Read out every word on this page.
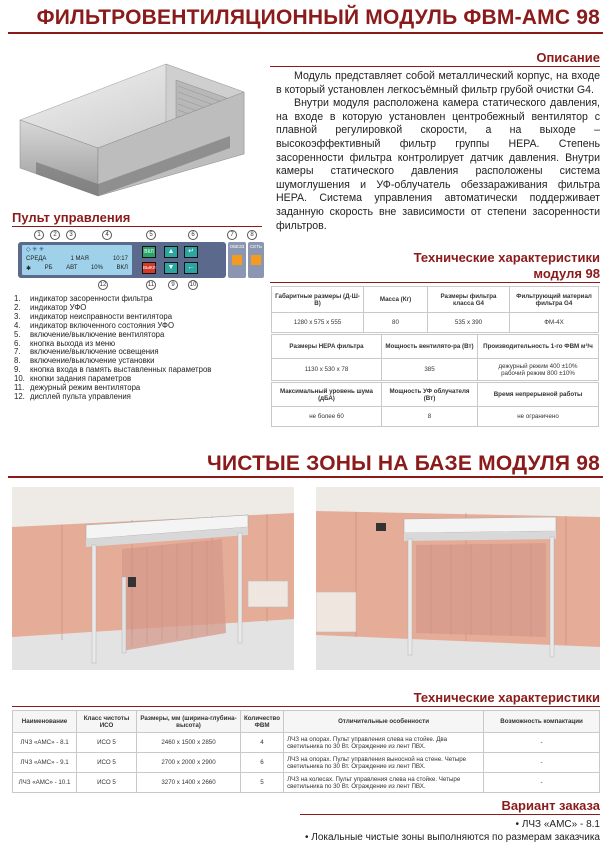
ФИЛЬТРОВЕНТИЛЯЦИОННЫЙ МОДУЛЬ ФВМ-АМС 98
Описание

Модуль представляет собой металлический корпус, на входе в который установлен легкосъёмный фильтр грубой очистки G4.

Внутри модуля расположена камера статического давления, на входе в которую установлен центробежный вентилятор с плавной регулировкой скорости, а на выходе – высокоэффективный фильтр группы HEPA. Степень засоренности фильтра контролирует датчик давления. Внутри камеры статического давления расположены система шумоглушения и УФ-облучатель обеззараживания фильтра HEPA. Система управления автоматически поддерживает заданную скорость вне зависимости от степени засоренности фильтров.

Пульт управления
1	2	3	4	5	6	7	8
◇ ✳ ✳
СРЕДА	1 МАЯ	10:17
✱ РБ АВТ 10% ВКЛ
ВКЛ
ВЫКЛ
▲	↵
▼	←
ОБЕЗЗ	СЕТЬ
12	11	9	10
1.	индикатор засоренности фильтра
2.	индикатор УФО
3.	индикатор неисправности вентилятора
4.	индикатор включенного состояния УФО
5.	включение/выключение вентилятора
6.	кнопка выхода из меню
7.	включение/выключение освещения
8.	включение/выключение установки
9.	кнопка входа в память выставленных параметров
10. кнопки задания параметров
11. дежурный режим вентилятора
12. дисплей пульта управления
Технические характеристики
модуля 98
Габаритные размеры (Д-Ш-В)	Масса (Кг)	Размеры фильтра класса G4	Фильтрующий материал фильтра G4
1280 х 575 х 555	80	535 х 390	ФМ-4Х
Размеры HEPA фильтра	Мощность вентилято-ра (Вт)	Производительность 1-го ФВМ м³/ч
1130 х 530 х 78	385	дежурный режим 400 ±10%
рабочий режим 800 ±10%
Максимальный уровень шума (дБА)	Мощность УФ облучателя (Вт)	Время непрерывной работы
не более 60	8	не ограничено
ЧИСТЫЕ ЗОНЫ НА БАЗЕ МОДУЛЯ 98
Технические характеристики
Наименование	Класс чистоты ИСО	Размеры, мм (ширина-глубина-высота)	Количество ФВМ	Отличительные особенности	Возможность компактации
ЛЧЗ «АМС» - 8.1	ИСО 5	2460 х 1500 х 2850	4	ЛЧЗ на опорах. Пульт управления слева на стойке. Два светильника по 30 Вт. Ограждение из лент ПВХ.	-
ЛЧЗ «АМС» - 9.1	ИСО 5	2700 х 2000 х 2900	6	ЛЧЗ на опорах. Пульт управления выносной на стене. Четыре светильника по 30 Вт. Ограждение из лент ПВХ.	-
ЛЧЗ «АМС» - 10.1	ИСО 5	3270 х 1400 х 2660	5	ЛЧЗ на колесах. Пульт управления слева на стойке. Четыре светильника по 30 Вт. Ограждение из лент ПВХ.	-
Вариант заказа
• ЛЧЗ «АМС» - 8.1
• Локальные чистые зоны выполняются по размерам заказчика
